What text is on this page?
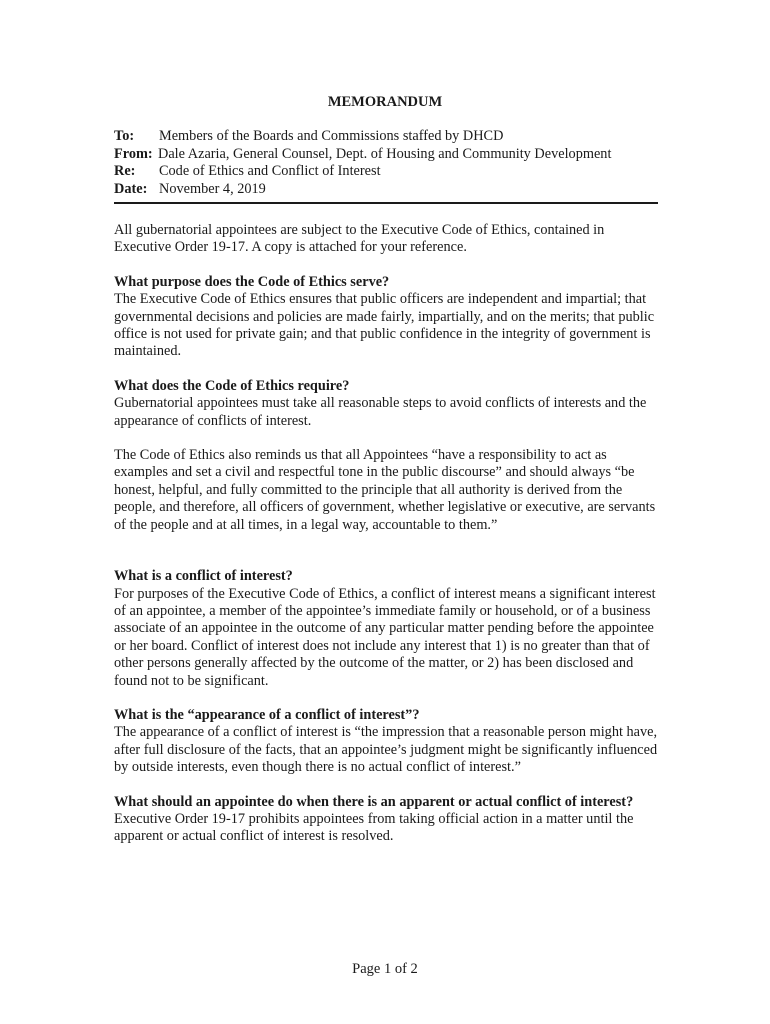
MEMORANDUM
To:	Members of the Boards and Commissions staffed by DHCD
From: Dale Azaria, General Counsel, Dept. of Housing and Community Development
Re:	Code of Ethics and Conflict of Interest
Date: November 4, 2019

All gubernatorial appointees are subject to the Executive Code of Ethics, contained in Executive Order 19-17. A copy is attached for your reference.

What purpose does the Code of Ethics serve?

The Executive Code of Ethics ensures that public officers are independent and impartial; that governmental decisions and policies are made fairly, impartially, and on the merits; that public office is not used for private gain; and that public confidence in the integrity of government is maintained.

What does the Code of Ethics require?

Gubernatorial appointees must take all reasonable steps to avoid conflicts of interests and the appearance of conflicts of interest.

The Code of Ethics also reminds us that all Appointees “have a responsibility to act as examples and set a civil and respectful tone in the public discourse” and should always “be honest, helpful, and fully committed to the principle that all authority is derived from the people, and therefore, all officers of government, whether legislative or executive, are servants of the people and at all times, in a legal way, accountable to them.”

What is a conflict of interest?

For purposes of the Executive Code of Ethics, a conflict of interest means a significant interest of an appointee, a member of the appointee’s immediate family or household, or of a business associate of an appointee in the outcome of any particular matter pending before the appointee or her board. Conflict of interest does not include any interest that 1) is no greater than that of other persons generally affected by the outcome of the matter, or 2) has been disclosed and found not to be significant.

What is the “appearance of a conflict of interest”?

The appearance of a conflict of interest is “the impression that a reasonable person might have, after full disclosure of the facts, that an appointee’s judgment might be significantly influenced by outside interests, even though there is no actual conflict of interest.”

What should an appointee do when there is an apparent or actual conflict of interest?

Executive Order 19-17 prohibits appointees from taking official action in a matter until the apparent or actual conflict of interest is resolved.

Page 1 of 2
